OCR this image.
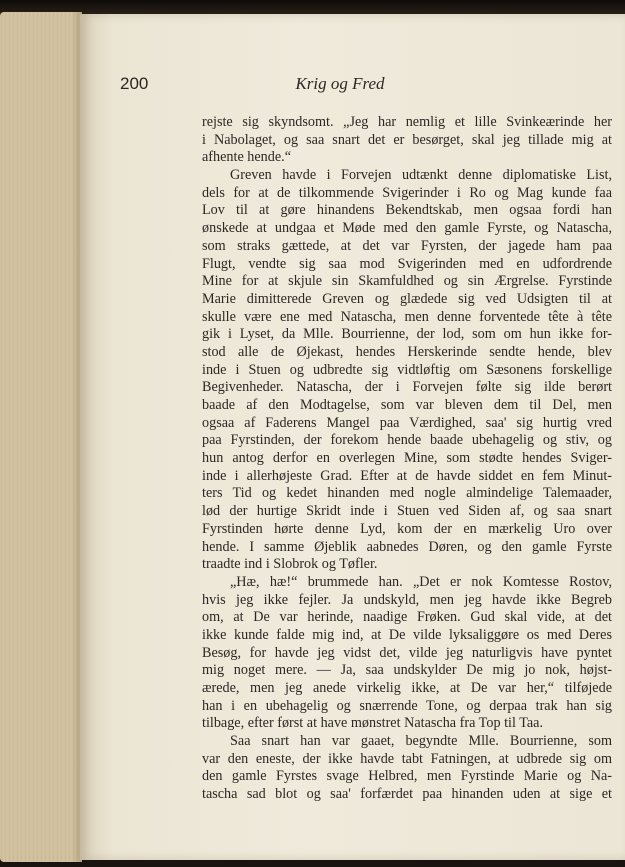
200	Krig og Fred

rejste sig skyndsomt. „Jeg har nemlig et lille Svinkeærinde her
i Nabolaget, og saa snart det er besørget, skal jeg tillade mig at
afhente hende.“

Greven havde i Forvejen udtænkt denne diplomatiske List,
dels for at de tilkommende Svigerinder i Ro og Mag kunde faa
Lov til at gøre hinandens Bekendtskab, men ogsaa fordi han
ønskede at undgaa et Møde med den gamle Fyrste, og Natascha,
som straks gættede, at det var Fyrsten, der jagede ham paa
Flugt, vendte sig saa mod Svigerinden med en udfordrende
Mine for at skjule sin Skamfuldhed og sin Ærgrelse. Fyrstinde
Marie dimitterede Greven og glædede sig ved Udsigten til at
skulle være ene med Natascha, men denne forventede tête à tête
gik i Lyset, da Mlle. Bourrienne, der lod, som om hun ikke for-
stod alle de Øjekast, hendes Herskerinde sendte hende, blev
inde i Stuen og udbredte sig vidtløftig om Sæsonens forskellige
Begivenheder. Natascha, der i Forvejen følte sig ilde berørt
baade af den Modtagelse, som var bleven dem til Del, men
ogsaa af Faderens Mangel paa Værdighed, saa' sig hurtig vred
paa Fyrstinden, der forekom hende baade ubehagelig og stiv, og
hun antog derfor en overlegen Mine, som stødte hendes Sviger-
inde i allerhøjeste Grad. Efter at de havde siddet en fem Minut-
ters Tid og kedet hinanden med nogle almindelige Talemaader,
lød der hurtige Skridt inde i Stuen ved Siden af, og saa snart
Fyrstinden hørte denne Lyd, kom der en mærkelig Uro over
hende. I samme Øjeblik aabnedes Døren, og den gamle Fyrste
traadte ind i Slobrok og Tøfler.

„Hæ, hæ!“ brummede han. „Det er nok Komtesse Rostov,
hvis jeg ikke fejler. Ja undskyld, men jeg havde ikke Begreb
om, at De var herinde, naadige Frøken. Gud skal vide, at det
ikke kunde falde mig ind, at De vilde lyksaliggøre os med Deres
Besøg, for havde jeg vidst det, vilde jeg naturligvis have pyntet
mig noget mere. — Ja, saa undskylder De mig jo nok, højst-
ærede, men jeg anede virkelig ikke, at De var her,“ tilføjede
han i en ubehagelig og snærrende Tone, og derpaa trak han sig
tilbage, efter først at have mønstret Natascha fra Top til Taa.

Saa snart han var gaaet, begyndte Mlle. Bourrienne, som
var den eneste, der ikke havde tabt Fatningen, at udbrede sig om
den gamle Fyrstes svage Helbred, men Fyrstinde Marie og Na-
tascha sad blot og saa' forfærdet paa hinanden uden at sige et
